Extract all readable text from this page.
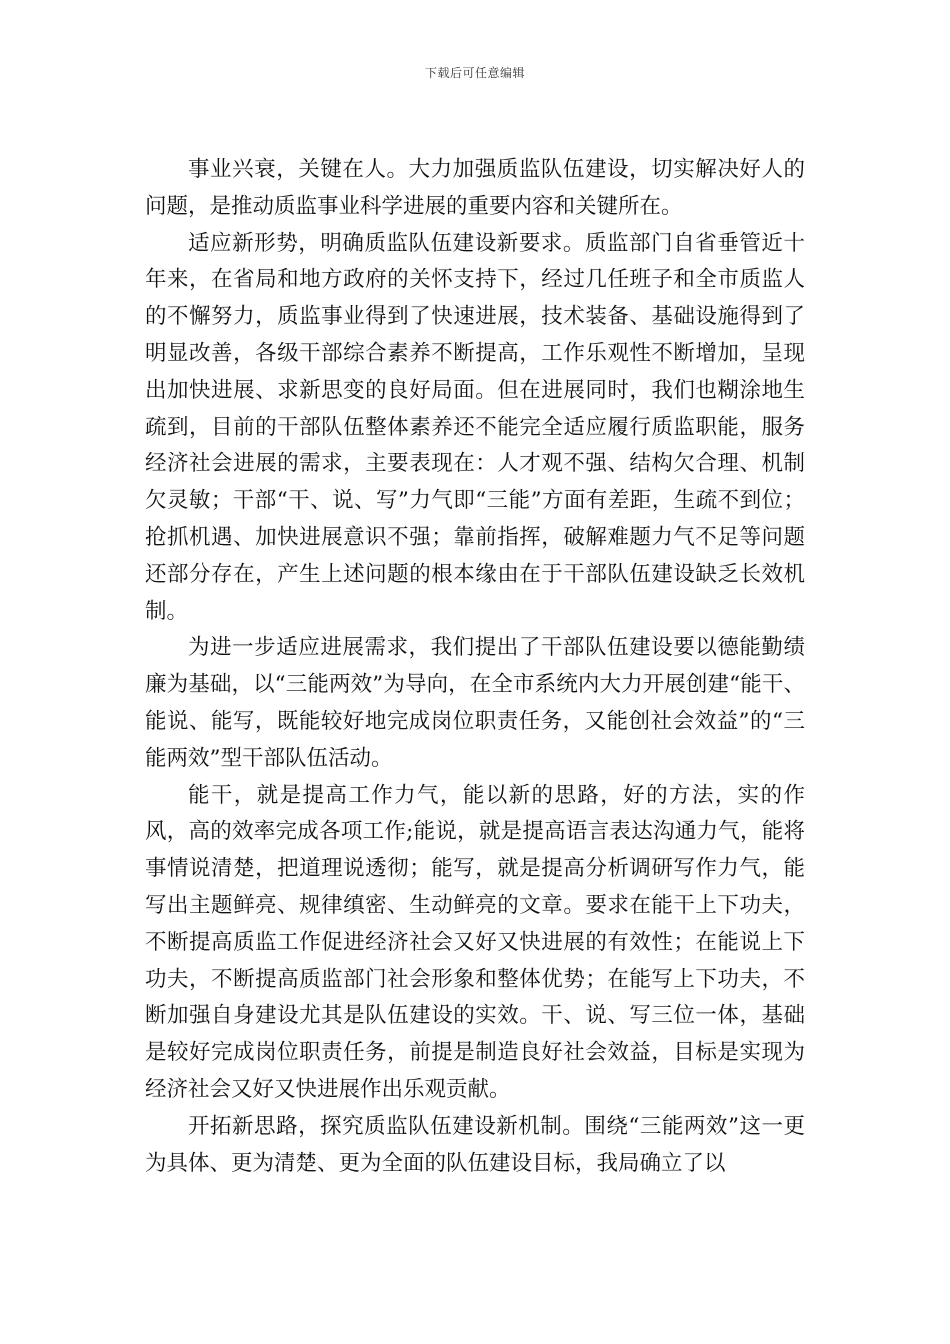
下载后可任意编辑

事业兴衰，关键在人。大力加强质监队伍建设，切实解决好人的问题，是推动质监事业科学进展的重要内容和关键所在。

适应新形势，明确质监队伍建设新要求。质监部门自省垂管近十年来，在省局和地方政府的关怀支持下，经过几任班子和全市质监人的不懈努力，质监事业得到了快速进展，技术装备、基础设施得到了明显改善，各级干部综合素养不断提高，工作乐观性不断增加，呈现出加快进展、求新思变的良好局面。但在进展同时，我们也糊涂地生疏到，目前的干部队伍整体素养还不能完全适应履行质监职能，服务经济社会进展的需求，主要表现在：人才观不强、结构欠合理、机制欠灵敏；干部“干、说、写”力气即“三能”方面有差距，生疏不到位；抢抓机遇、加快进展意识不强；靠前指挥，破解难题力气不足等问题还部分存在，产生上述问题的根本缘由在于干部队伍建设缺乏长效机制。

为进一步适应进展需求，我们提出了干部队伍建设要以德能勤绩廉为基础，以“三能两效”为导向，在全市系统内大力开展创建“能干、能说、能写，既能较好地完成岗位职责任务，又能创社会效益”的“三能两效”型干部队伍活动。

能干，就是提高工作力气，能以新的思路，好的方法，实的作风，高的效率完成各项工作;能说，就是提高语言表达沟通力气，能将事情说清楚，把道理说透彻；能写，就是提高分析调研写作力气，能写出主题鲜亮、规律缜密、生动鲜亮的文章。要求在能干上下功夫，不断提高质监工作促进经济社会又好又快进展的有效性；在能说上下功夫，不断提高质监部门社会形象和整体优势；在能写上下功夫，不断加强自身建设尤其是队伍建设的实效。干、说、写三位一体，基础是较好完成岗位职责任务，前提是制造良好社会效益，目标是实现为经济社会又好又快进展作出乐观贡献。

开拓新思路，探究质监队伍建设新机制。围绕“三能两效”这一更为具体、更为清楚、更为全面的队伍建设目标，我局确立了以
